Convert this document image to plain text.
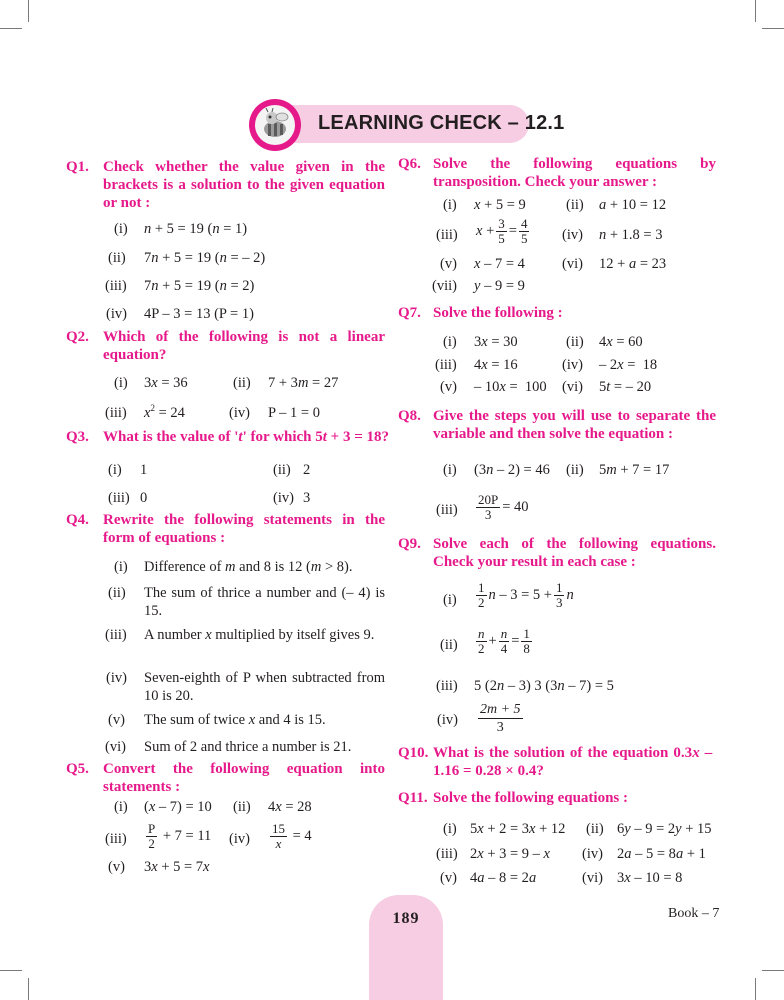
LEARNING CHECK – 12.1
Q1. Check whether the value given in the brackets is a solution to the given equation or not :
(i) n + 5 = 19 (n = 1)
(ii) 7n + 5 = 19 (n = – 2)
(iii) 7n + 5 = 19 (n = 2)
(iv) 4P – 3 = 13 (P = 1)
Q2. Which of the following is not a linear equation?
(i) 3x = 36	(ii) 7 + 3m = 27
(iii) $x^2 = 24$	(iv) P – 1 = 0
Q3. What is the value of 't' for which 5t + 3 = 18?
(i) 1	(ii) 2
(iii) 0	(iv) 3
Q4. Rewrite the following statements in the form of equations :
(i) Difference of m and 8 is 12 (m > 8).
(ii) The sum of thrice a number and (– 4) is 15.
(iii) A number x multiplied by itself gives 9.
(iv) Seven-eighth of P when subtracted from 10 is 20.
(v) The sum of twice x and 4 is 15.
(vi) Sum of 2 and thrice a number is 21.
Q5. Convert the following equation into statements :
(i) (x – 7) = 10 (ii) 4x = 28
$(iii) \frac{P}{2} + 7 = 11$ $(iv) \frac{15}{x} = 4$
(v) 3x + 5 = 7x
Q6. Solve the following equations by transposition. Check your answer :
(i) x + 5 = 9	(ii) a + 10 = 12
(iii) $x + \frac{3}{5} = \frac{4}{5} (iv) n + 1.8 = 3$
(v) x – 7 = 4	(vi) 12 + a = 23
(vii) y – 9 = 9
Q7. Solve the following :
(i) 3x = 30	(ii) 4x = 60
(iii) 4x = 16	(iv) – 2x =  18
(v) – 10x =  100 (vi) 5t = – 20
Q8. Give the steps you will use to separate the variable and then solve the equation :
(i) (3n – 2) = 46 (ii) 5m + 7 = 17
$(iii) \frac{20P}{3} = 40$
Q9. Solve each of the following equations. Check your result in each case :
$(i) \frac{1}{2}$ $n - 3 = 5 + \frac{1}{3}$ n
$(ii) \frac{n}{2} + \frac{n}{4} = \frac{1}{8}$
(iii) 5 (2n – 3) 3 (3n – 7) = 5
$(iv) \frac{2m + 5}{3}$
Q10. What is the solution of the equation 0.3x –  1.16 = 0.28 × 0.4?
Q11. Solve the following equations :
(i) 5x + 2 = 3x + 12 (ii) 6y – 9 = 2y + 15
(iii) 2x + 3 = 9 – x (iv) 2a – 5 = 8a + 1
(v) 4a – 8 = 2a	(vi) 3x – 10 = 8
189	Book – 7
